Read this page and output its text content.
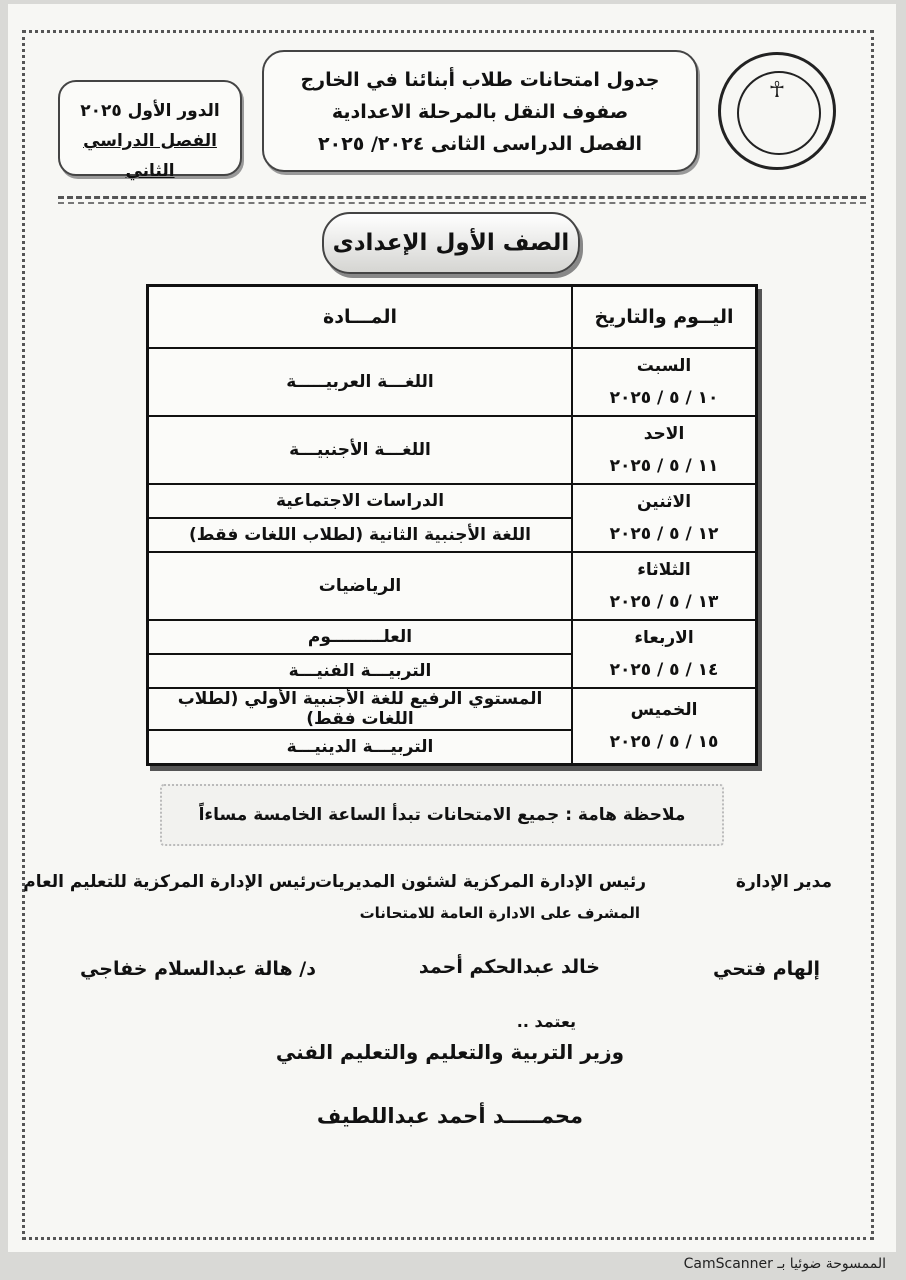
☥
جدول امتحانات طلاب أبنائنا في الخارج
صفوف النقل بالمرحلة الاعدادية
الفصل الدراسى الثانى ٢٠٢٤/ ٢٠٢٥
الدور الأول ٢٠٢٥
الفصل الدراسي الثاني
الصف الأول الإعدادى
اليــوم والتاريخ	المـــادة

السبت
١٠ / ٥ / ٢٠٢٥	اللغـــة العربيـــــة

الاحد
١١ / ٥ / ٢٠٢٥	اللغـــة الأجنبيـــة

الاثنين
١٢ / ٥ / ٢٠٢٥	الدراسات الاجتماعية
	اللغة الأجنبية الثانية (لطلاب اللغات فقط)

الثلاثاء
١٣ / ٥ / ٢٠٢٥	الرياضيات

الاربعاء
١٤ / ٥ / ٢٠٢٥	العلـــــــــوم
	التربيـــة الفنيـــة

الخميس
١٥ / ٥ / ٢٠٢٥	المستوي الرفيع للغة الأجنبية الأولي (لطلاب اللغات فقط)
	التربيـــة الدينيـــة
ملاحظة هامة : جميع الامتحانات تبدأ الساعة الخامسة مساءاً
مدير الإدارة
إلهام فتحي
رئيس الإدارة المركزية لشئون المديريات
المشرف على الادارة العامة للامتحانات
خالد عبدالحكم أحمد
رئيس الإدارة المركزية للتعليم العام
د/ هالة عبدالسلام خفاجي
يعتمد ..
وزير التربية والتعليم والتعليم الفني
محمـــــد أحمد عبداللطيف
الممسوحة ضوئيا بـ CamScanner
